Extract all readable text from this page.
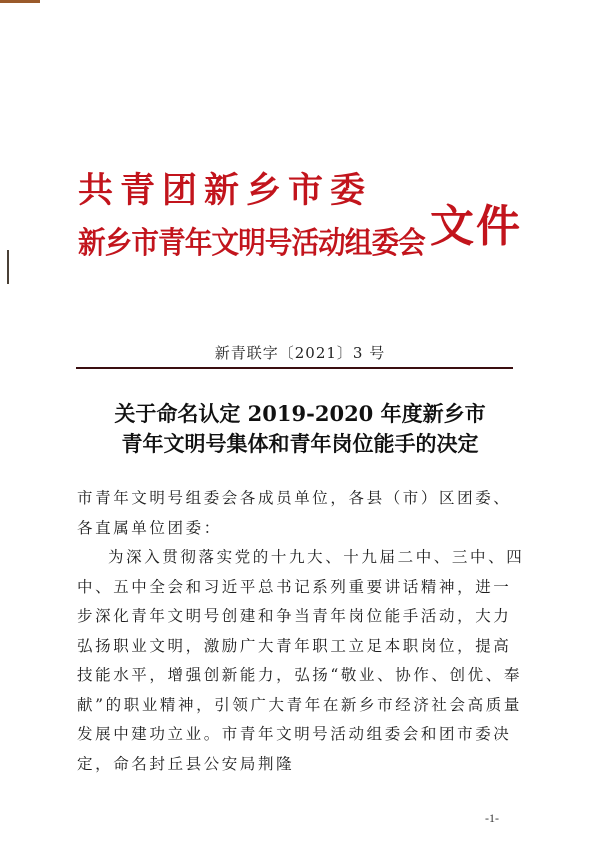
共青团新乡市委
新乡市青年文明号活动组委会 文件
新青联字〔2021〕3 号
关于命名认定 2019-2020 年度新乡市
青年文明号集体和青年岗位能手的决定
市青年文明号组委会各成员单位，各县（市）区团委、各直属单位团委：
为深入贯彻落实党的十九大、十九届二中、三中、四中、五中全会和习近平总书记系列重要讲话精神，进一步深化青年文明号创建和争当青年岗位能手活动，大力弘扬职业文明，激励广大青年职工立足本职岗位，提高技能水平，增强创新能力，弘扬“敬业、协作、创优、奉献”的职业精神，引领广大青年在新乡市经济社会高质量发展中建功立业。市青年文明号活动组委会和团市委决定，命名封丘县公安局荆隆
-1-
